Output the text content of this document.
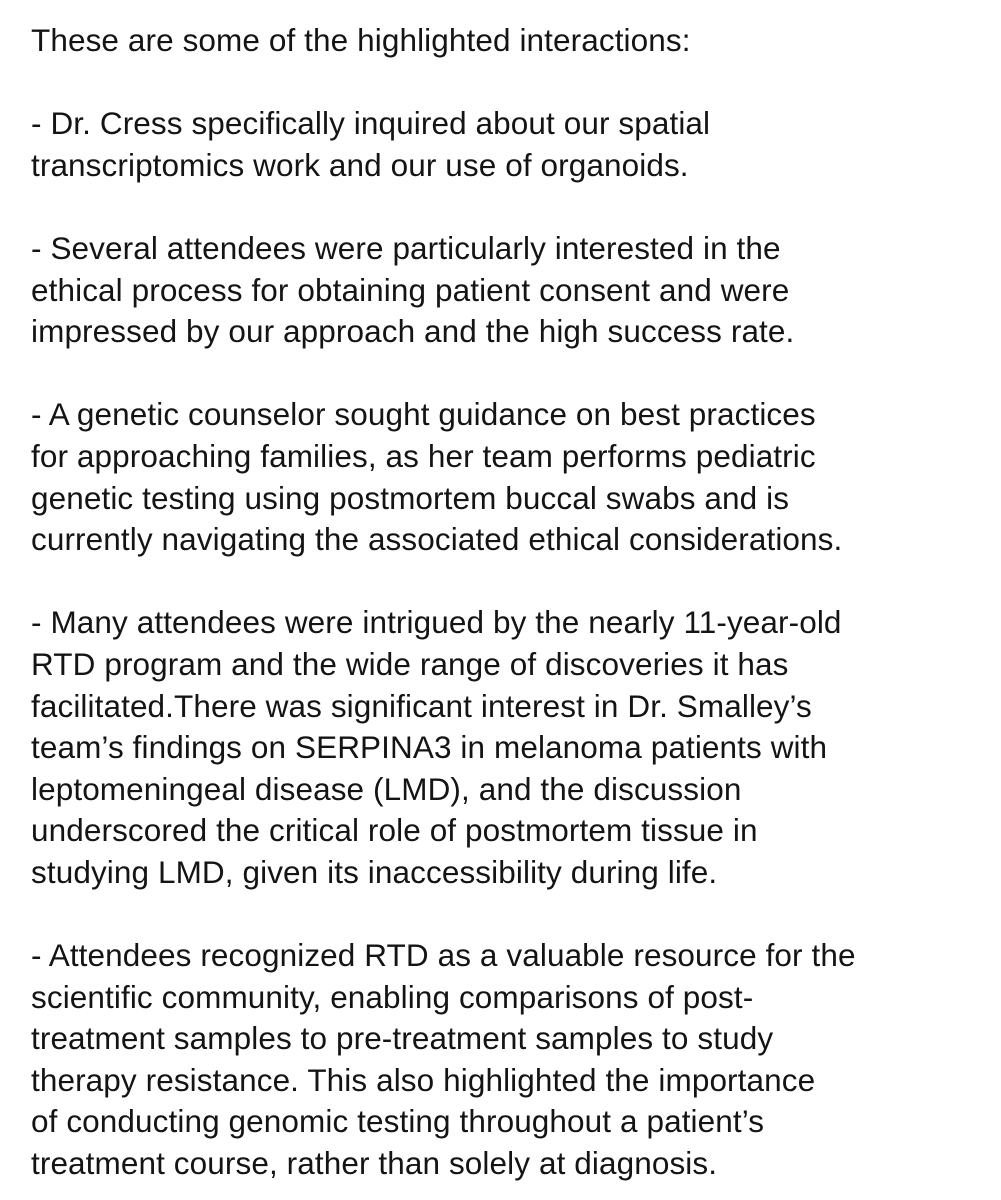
These are some of the highlighted interactions:
- Dr. Cress specifically inquired about our spatial
transcriptomics work and our use of organoids.
- Several attendees were particularly interested in the
ethical process for obtaining patient consent and were
impressed by our approach and the high success rate.
- A genetic counselor sought guidance on best practices
for approaching families, as her team performs pediatric
genetic testing using postmortem buccal swabs and is
currently navigating the associated ethical considerations.
- Many attendees were intrigued by the nearly 11-year-old
RTD program and the wide range of discoveries it has
facilitated.There was significant interest in Dr. Smalley’s
team’s findings on SERPINA3 in melanoma patients with
leptomeningeal disease (LMD), and the discussion
underscored the critical role of postmortem tissue in
studying LMD, given its inaccessibility during life.
- Attendees recognized RTD as a valuable resource for the
scientific community, enabling comparisons of post-
treatment samples to pre-treatment samples to study
therapy resistance. This also highlighted the importance
of conducting genomic testing throughout a patient’s
treatment course, rather than solely at diagnosis.
